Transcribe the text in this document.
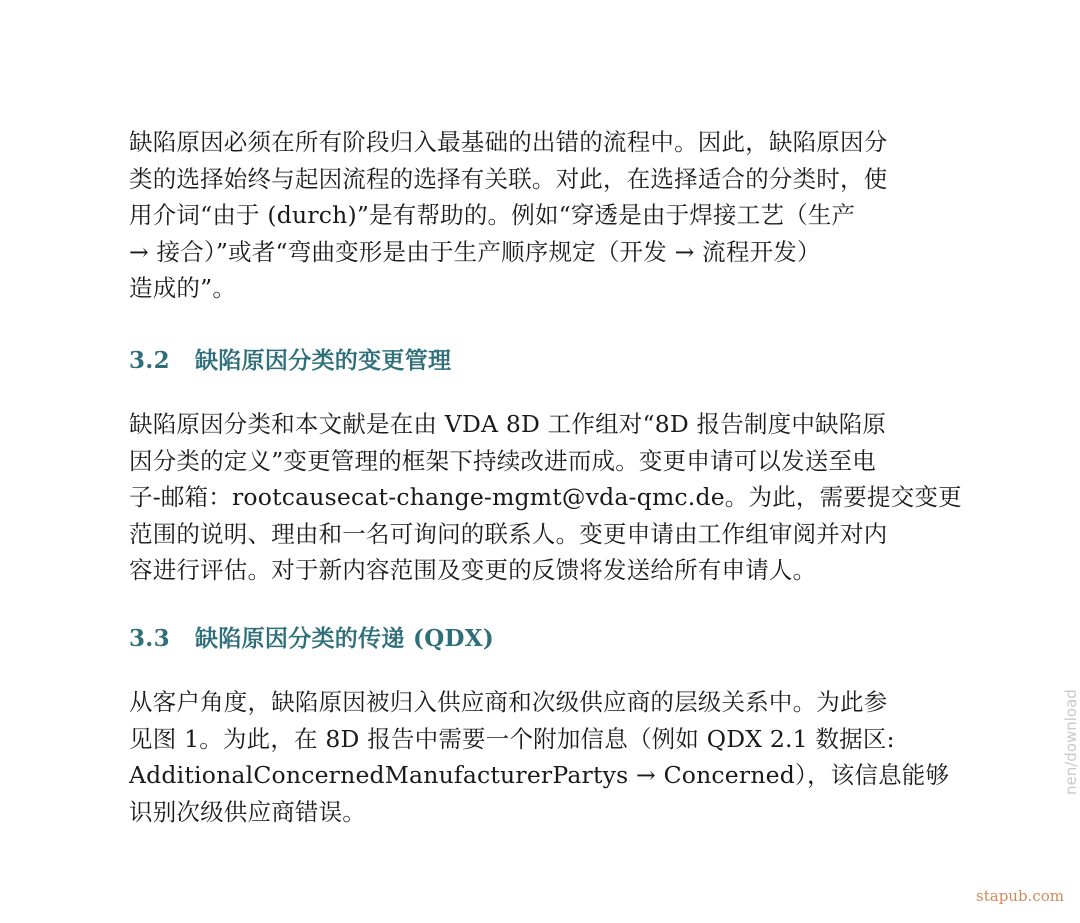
缺陷原因必须在所有阶段归入最基础的出错的流程中。因此，缺陷原因分
类的选择始终与起因流程的选择有关联。对此，在选择适合的分类时，使
用介词“由于 (durch)”是有帮助的。例如“穿透是由于焊接工艺（生产
→ 接合）”或者“弯曲变形是由于生产顺序规定（开发 → 流程开发）
造成的”。

3.2 缺陷原因分类的变更管理

缺陷原因分类和本文献是在由 VDA 8D 工作组对“8D 报告制度中缺陷原
因分类的定义”变更管理的框架下持续改进而成。变更申请可以发送至电
子-邮箱：rootcausecat-change-mgmt@vda-qmc.de。为此，需要提交变更
范围的说明、理由和一名可询问的联系人。变更申请由工作组审阅并对内
容进行评估。对于新内容范围及变更的反馈将发送给所有申请人。

3.3 缺陷原因分类的传递 (QDX)

从客户角度，缺陷原因被归入供应商和次级供应商的层级关系中。为此参
见图 1。为此，在 8D 报告中需要一个附加信息（例如 QDX 2.1 数据区:
AdditionalConcernedManufacturerPartys → Concerned），该信息能够
识别次级供应商错误。

nen/download
stapub.com
